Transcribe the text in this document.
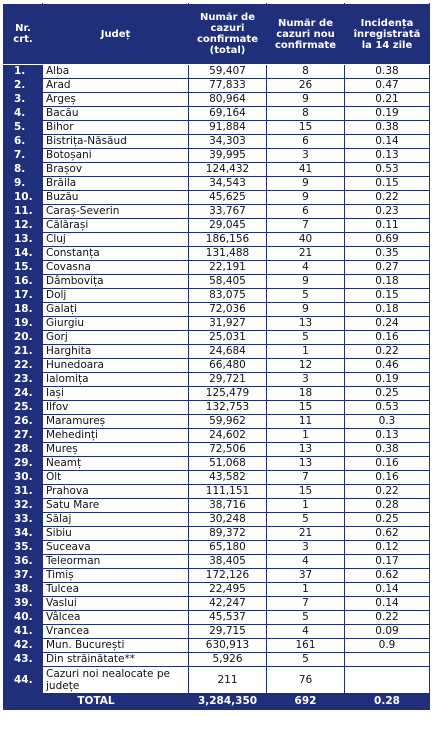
Nr. crt.	Județ	Număr de cazuri confirmate (total)	Număr de cazuri nou confirmate	Incidența înregistrată la 14 zile
1.	Alba	59,407	8	0.38
2.	Arad	77,833	26	0.47
3.	Argeș	80,964	9	0.21
4.	Bacău	69,164	8	0.19
5.	Bihor	91,884	15	0.38
6.	Bistrița-Năsăud	34,303	6	0.14
7.	Botoșani	39,995	3	0.13
8.	Brașov	124,432	41	0.53
9.	Brăila	34,543	9	0.15
10.	Buzău	45,625	9	0.22
11.	Caraș-Severin	33,767	6	0.23
12.	Călărași	29,045	7	0.11
13.	Cluj	186,156	40	0.69
14.	Constanța	131,488	21	0.35
15.	Covasna	22,191	4	0.27
16.	Dâmbovița	58,405	9	0.18
17.	Dolj	83,075	5	0.15
18.	Galați	72,036	9	0.18
19.	Giurgiu	31,927	13	0.24
20.	Gorj	25,031	5	0.16
21.	Harghita	24,684	1	0.22
22.	Hunedoara	66,480	12	0.46
23.	Ialomița	29,721	3	0.19
24.	Iași	125,479	18	0.25
25.	Ilfov	132,753	15	0.53
26.	Maramureș	59,962	11	0.3
27.	Mehedinți	24,602	1	0.13
28.	Mureș	72,506	13	0.38
29.	Neamț	51,068	13	0.16
30.	Olt	43,582	7	0.16
31.	Prahova	111,151	15	0.22
32.	Satu Mare	38,716	1	0.28
33.	Sălaj	30,248	5	0.25
34.	Sibiu	89,372	21	0.62
35.	Suceava	65,180	3	0.12
36.	Teleorman	38,405	4	0.17
37.	Timiș	172,126	37	0.62
38.	Tulcea	22,495	1	0.14
39.	Vaslui	42,247	7	0.14
40.	Vâlcea	45,537	5	0.22
41.	Vrancea	29,715	4	0.09
42.	Mun. București	630,913	161	0.9
43.	Din străinătate**	5,926	5	
44.	Cazuri noi nealocate pe județe	211	76	
TOTAL		3,284,350	692	0.28
